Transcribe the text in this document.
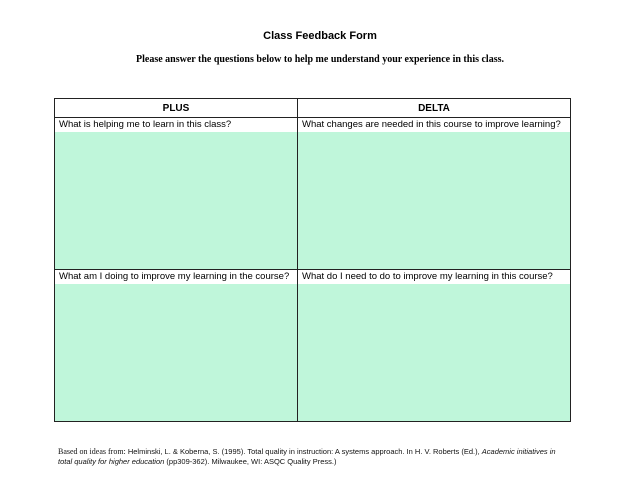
Class Feedback Form
Please answer the questions below to help me understand your experience in this class.
PLUS	DELTA
What is helping me to learn in this class?	What changes are needed in this course to improve learning?
What am I doing to improve my learning in the course?	What do I need to do to improve my learning in this course?
Based on ideas from: Helminski, L. & Koberna, S. (1995). Total quality in instruction: A systems approach. In H. V. Roberts (Ed.), Academic initiatives in total quality for higher education (pp309-362). Milwaukee, WI: ASQC Quality Press.)
